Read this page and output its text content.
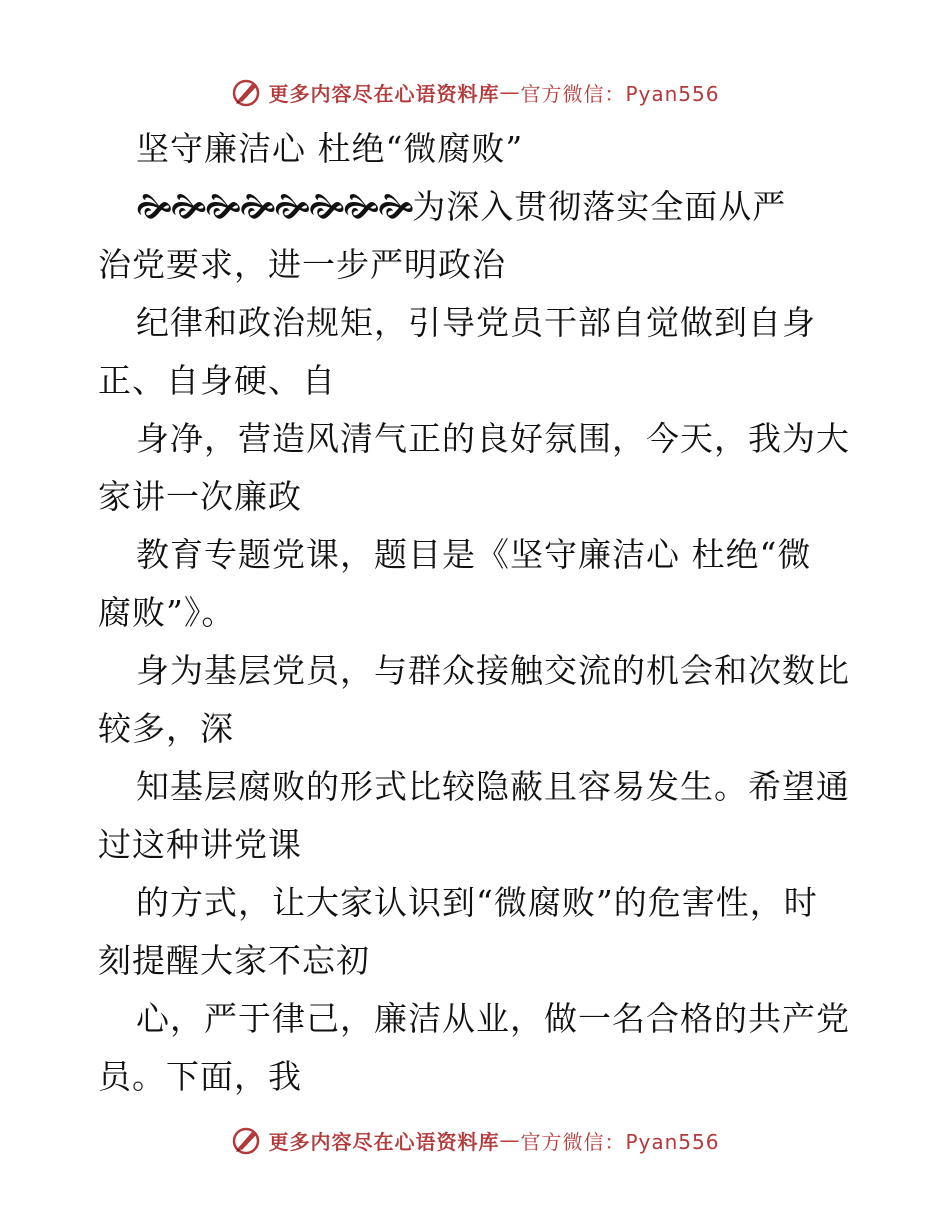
更多内容尽在心语资料库 — 官方微信：Pyan556
坚守廉洁心 杜绝“微腐败”
🙞🙞🙞🙞🙞🙞🙞🙞为深入贯彻落实全面从严
治党要求，进一步严明政治
纪律和政治规矩，引导党员干部自觉做到自身
正、自身硬、自
身净，营造风清气正的良好氛围，今天，我为大
家讲一次廉政
教育专题党课，题目是《坚守廉洁心 杜绝“微
腐败”》。
身为基层党员，与群众接触交流的机会和次数比
较多，深
知基层腐败的形式比较隐蔽且容易发生。希望通
过这种讲党课
的方式，让大家认识到“微腐败”的危害性，时
刻提醒大家不忘初
心，严于律己，廉洁从业，做一名合格的共产党
员。下面，我
更多内容尽在心语资料库 — 官方微信：Pyan556
